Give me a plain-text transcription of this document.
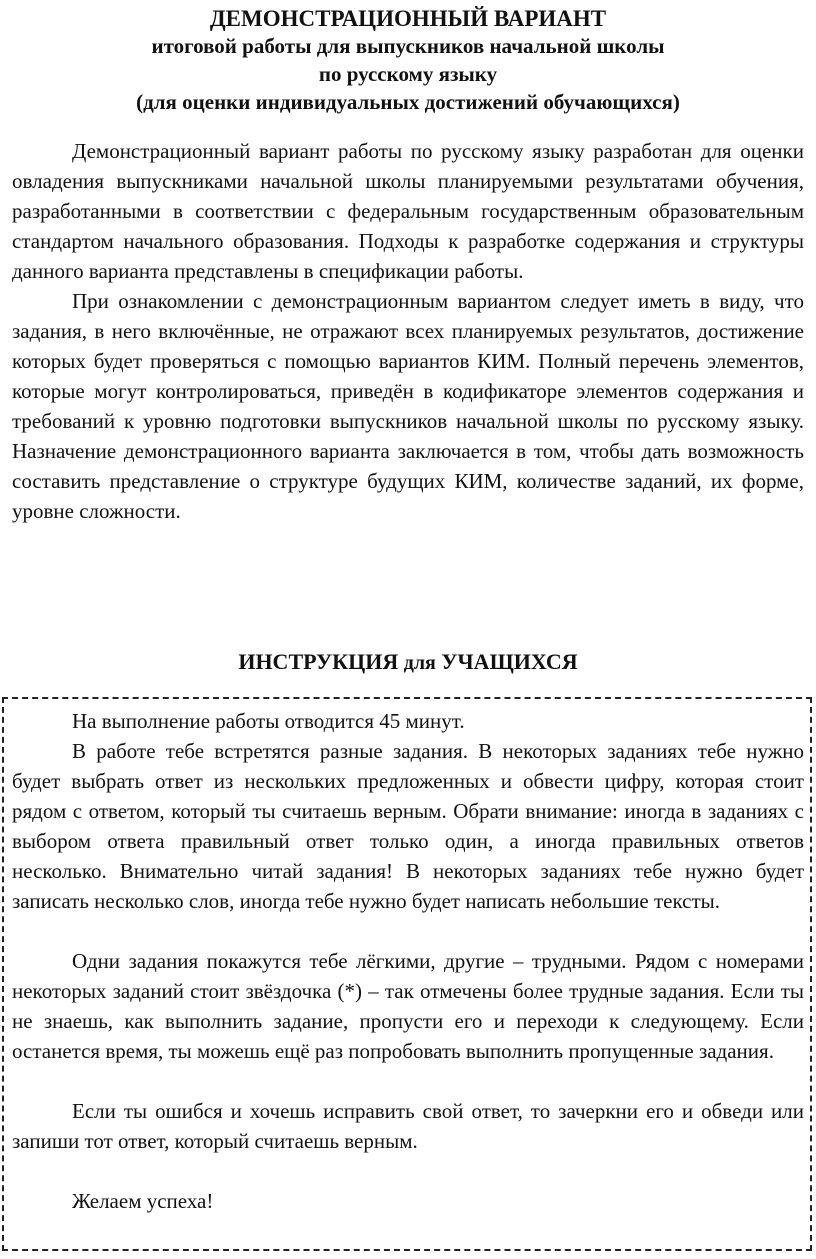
ДЕМОНСТРАЦИОННЫЙ ВАРИАНТ
итоговой работы для выпускников начальной школы
по русскому языку
(для оценки индивидуальных достижений обучающихся)

Демонстрационный вариант работы по русскому языку разработан для оценки овладения выпускниками начальной школы планируемыми результатами обучения, разработанными в соответствии с федеральным государственным образовательным стандартом начального образования. Подходы к разработке содержания и структуры данного варианта представлены в спецификации работы.

При ознакомлении с демонстрационным вариантом следует иметь в виду, что задания, в него включённые, не отражают всех планируемых результатов, достижение которых будет проверяться с помощью вариантов КИМ. Полный перечень элементов, которые могут контролироваться, приведён в кодификаторе элементов содержания и требований к уровню подготовки выпускников начальной школы по русскому языку. Назначение демонстрационного варианта заключается в том, чтобы дать возможность составить представление о структуре будущих КИМ, количестве заданий, их форме, уровне сложности.

ИНСТРУКЦИЯ для УЧАЩИХСЯ

На выполнение работы отводится 45 минут.

В работе тебе встретятся разные задания. В некоторых заданиях тебе нужно будет выбрать ответ из нескольких предложенных и обвести цифру, которая стоит рядом с ответом, который ты считаешь верным. Обрати внимание: иногда в заданиях с выбором ответа правильный ответ только один, а иногда правильных ответов несколько. Внимательно читай задания! В некоторых заданиях тебе нужно будет записать несколько слов, иногда тебе нужно будет написать небольшие тексты.

Одни задания покажутся тебе лёгкими, другие – трудными. Рядом с номерами некоторых заданий стоит звёздочка (*) – так отмечены более трудные задания. Если ты не знаешь, как выполнить задание, пропусти его и переходи к следующему. Если останется время, ты можешь ещё раз попробовать выполнить пропущенные задания.

Если ты ошибся и хочешь исправить свой ответ, то зачеркни его и обведи или запиши тот ответ, который считаешь верным.

Желаем успеха!
